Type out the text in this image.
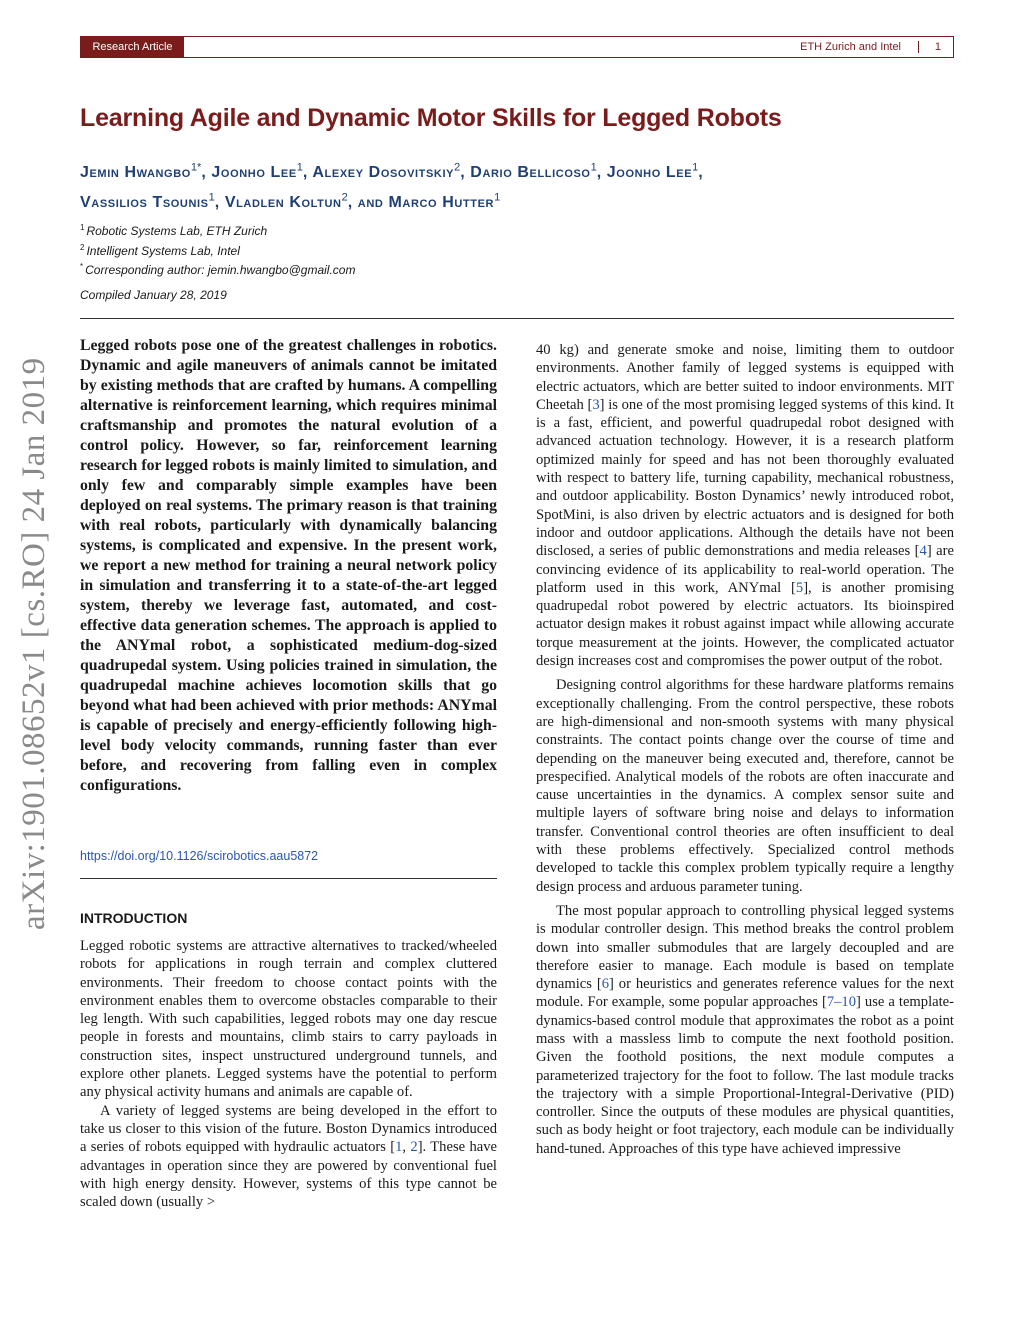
Research Article	ETH Zurich and Intel	1
Learning Agile and Dynamic Motor Skills for Legged Robots
Jemin Hwangbo$^{1*}$, Joonho Lee$^1$, Alexey Dosovitskiy$^2$, Dario Bellicoso$^1$, Joonho Lee$^1$,
Vassilios Tsounis$^1$, Vladlen Koltun$^2$, and Marco Hutter$^1$
$^1$ Robotic Systems Lab, ETH Zurich
$^2$ Intelligent Systems Lab, Intel
* Corresponding author: jemin.hwangbo@gmail.com
Compiled January 28, 2019
arXiv:1901.08652v1 [cs.RO] 24 Jan 2019
Legged robots pose one of the greatest challenges in robotics. Dynamic and agile maneuvers of animals cannot be imitated by existing methods that are crafted by humans. A compelling alternative is reinforcement learning, which requires minimal craftsmanship and promotes the natural evolution of a control policy. However, so far, reinforcement learning research for legged robots is mainly limited to simulation, and only few and comparably simple examples have been deployed on real systems. The primary reason is that training with real robots, particularly with dynamically balancing systems, is complicated and expensive. In the present work, we report a new method for training a neural network policy in simulation and transferring it to a state-of-the-art legged system, thereby we leverage fast, automated, and cost-effective data generation schemes. The approach is applied to the ANYmal robot, a sophisticated medium-dog-sized quadrupedal system. Using policies trained in simulation, the quadrupedal machine achieves locomotion skills that go beyond what had been achieved with prior methods: ANYmal is capable of precisely and energy-efficiently following high-level body velocity commands, running faster than ever before, and recovering from falling even in complex configurations.
https://doi.org/10.1126/scirobotics.aau5872
INTRODUCTION

Legged robotic systems are attractive alternatives to tracked/wheeled robots for applications in rough terrain and complex cluttered environments. Their freedom to choose contact points with the environment enables them to overcome obstacles comparable to their leg length. With such capabilities, legged robots may one day rescue people in forests and mountains, climb stairs to carry payloads in construction sites, inspect unstructured underground tunnels, and explore other planets. Legged systems have the potential to perform any physical activity humans and animals are capable of.

A variety of legged systems are being developed in the effort to take us closer to this vision of the future. Boston Dynamics introduced a series of robots equipped with hydraulic actuators [1, 2]. These have advantages in operation since they are powered by conventional fuel with high energy density. However, systems of this type cannot be scaled down (usually >

40 kg) and generate smoke and noise, limiting them to outdoor environments. Another family of legged systems is equipped with electric actuators, which are better suited to indoor environments. MIT Cheetah [3] is one of the most promising legged systems of this kind. It is a fast, efficient, and powerful quadrupedal robot designed with advanced actuation technology. However, it is a research platform optimized mainly for speed and has not been thoroughly evaluated with respect to battery life, turning capability, mechanical robustness, and outdoor applicability. Boston Dynamics’ newly introduced robot, SpotMini, is also driven by electric actuators and is designed for both indoor and outdoor applications. Although the details have not been disclosed, a series of public demonstrations and media releases [4] are convincing evidence of its applicability to real-world operation. The platform used in this work, ANYmal [5], is another promising quadrupedal robot powered by electric actuators. Its bioinspired actuator design makes it robust against impact while allowing accurate torque measurement at the joints. However, the complicated actuator design increases cost and compromises the power output of the robot.

Designing control algorithms for these hardware platforms remains exceptionally challenging. From the control perspective, these robots are high-dimensional and non-smooth systems with many physical constraints. The contact points change over the course of time and depending on the maneuver being executed and, therefore, cannot be prespecified. Analytical models of the robots are often inaccurate and cause uncertainties in the dynamics. A complex sensor suite and multiple layers of software bring noise and delays to information transfer. Conventional control theories are often insufficient to deal with these problems effectively. Specialized control methods developed to tackle this complex problem typically require a lengthy design process and arduous parameter tuning.

The most popular approach to controlling physical legged systems is modular controller design. This method breaks the control problem down into smaller submodules that are largely decoupled and are therefore easier to manage. Each module is based on template dynamics [6] or heuristics and generates reference values for the next module. For example, some popular approaches [7–10] use a template-dynamics-based control module that approximates the robot as a point mass with a massless limb to compute the next foothold position. Given the foothold positions, the next module computes a parameterized trajectory for the foot to follow. The last module tracks the trajectory with a simple Proportional-Integral-Derivative (PID) controller. Since the outputs of these modules are physical quantities, such as body height or foot trajectory, each module can be individually hand-tuned. Approaches of this type have achieved impressive
